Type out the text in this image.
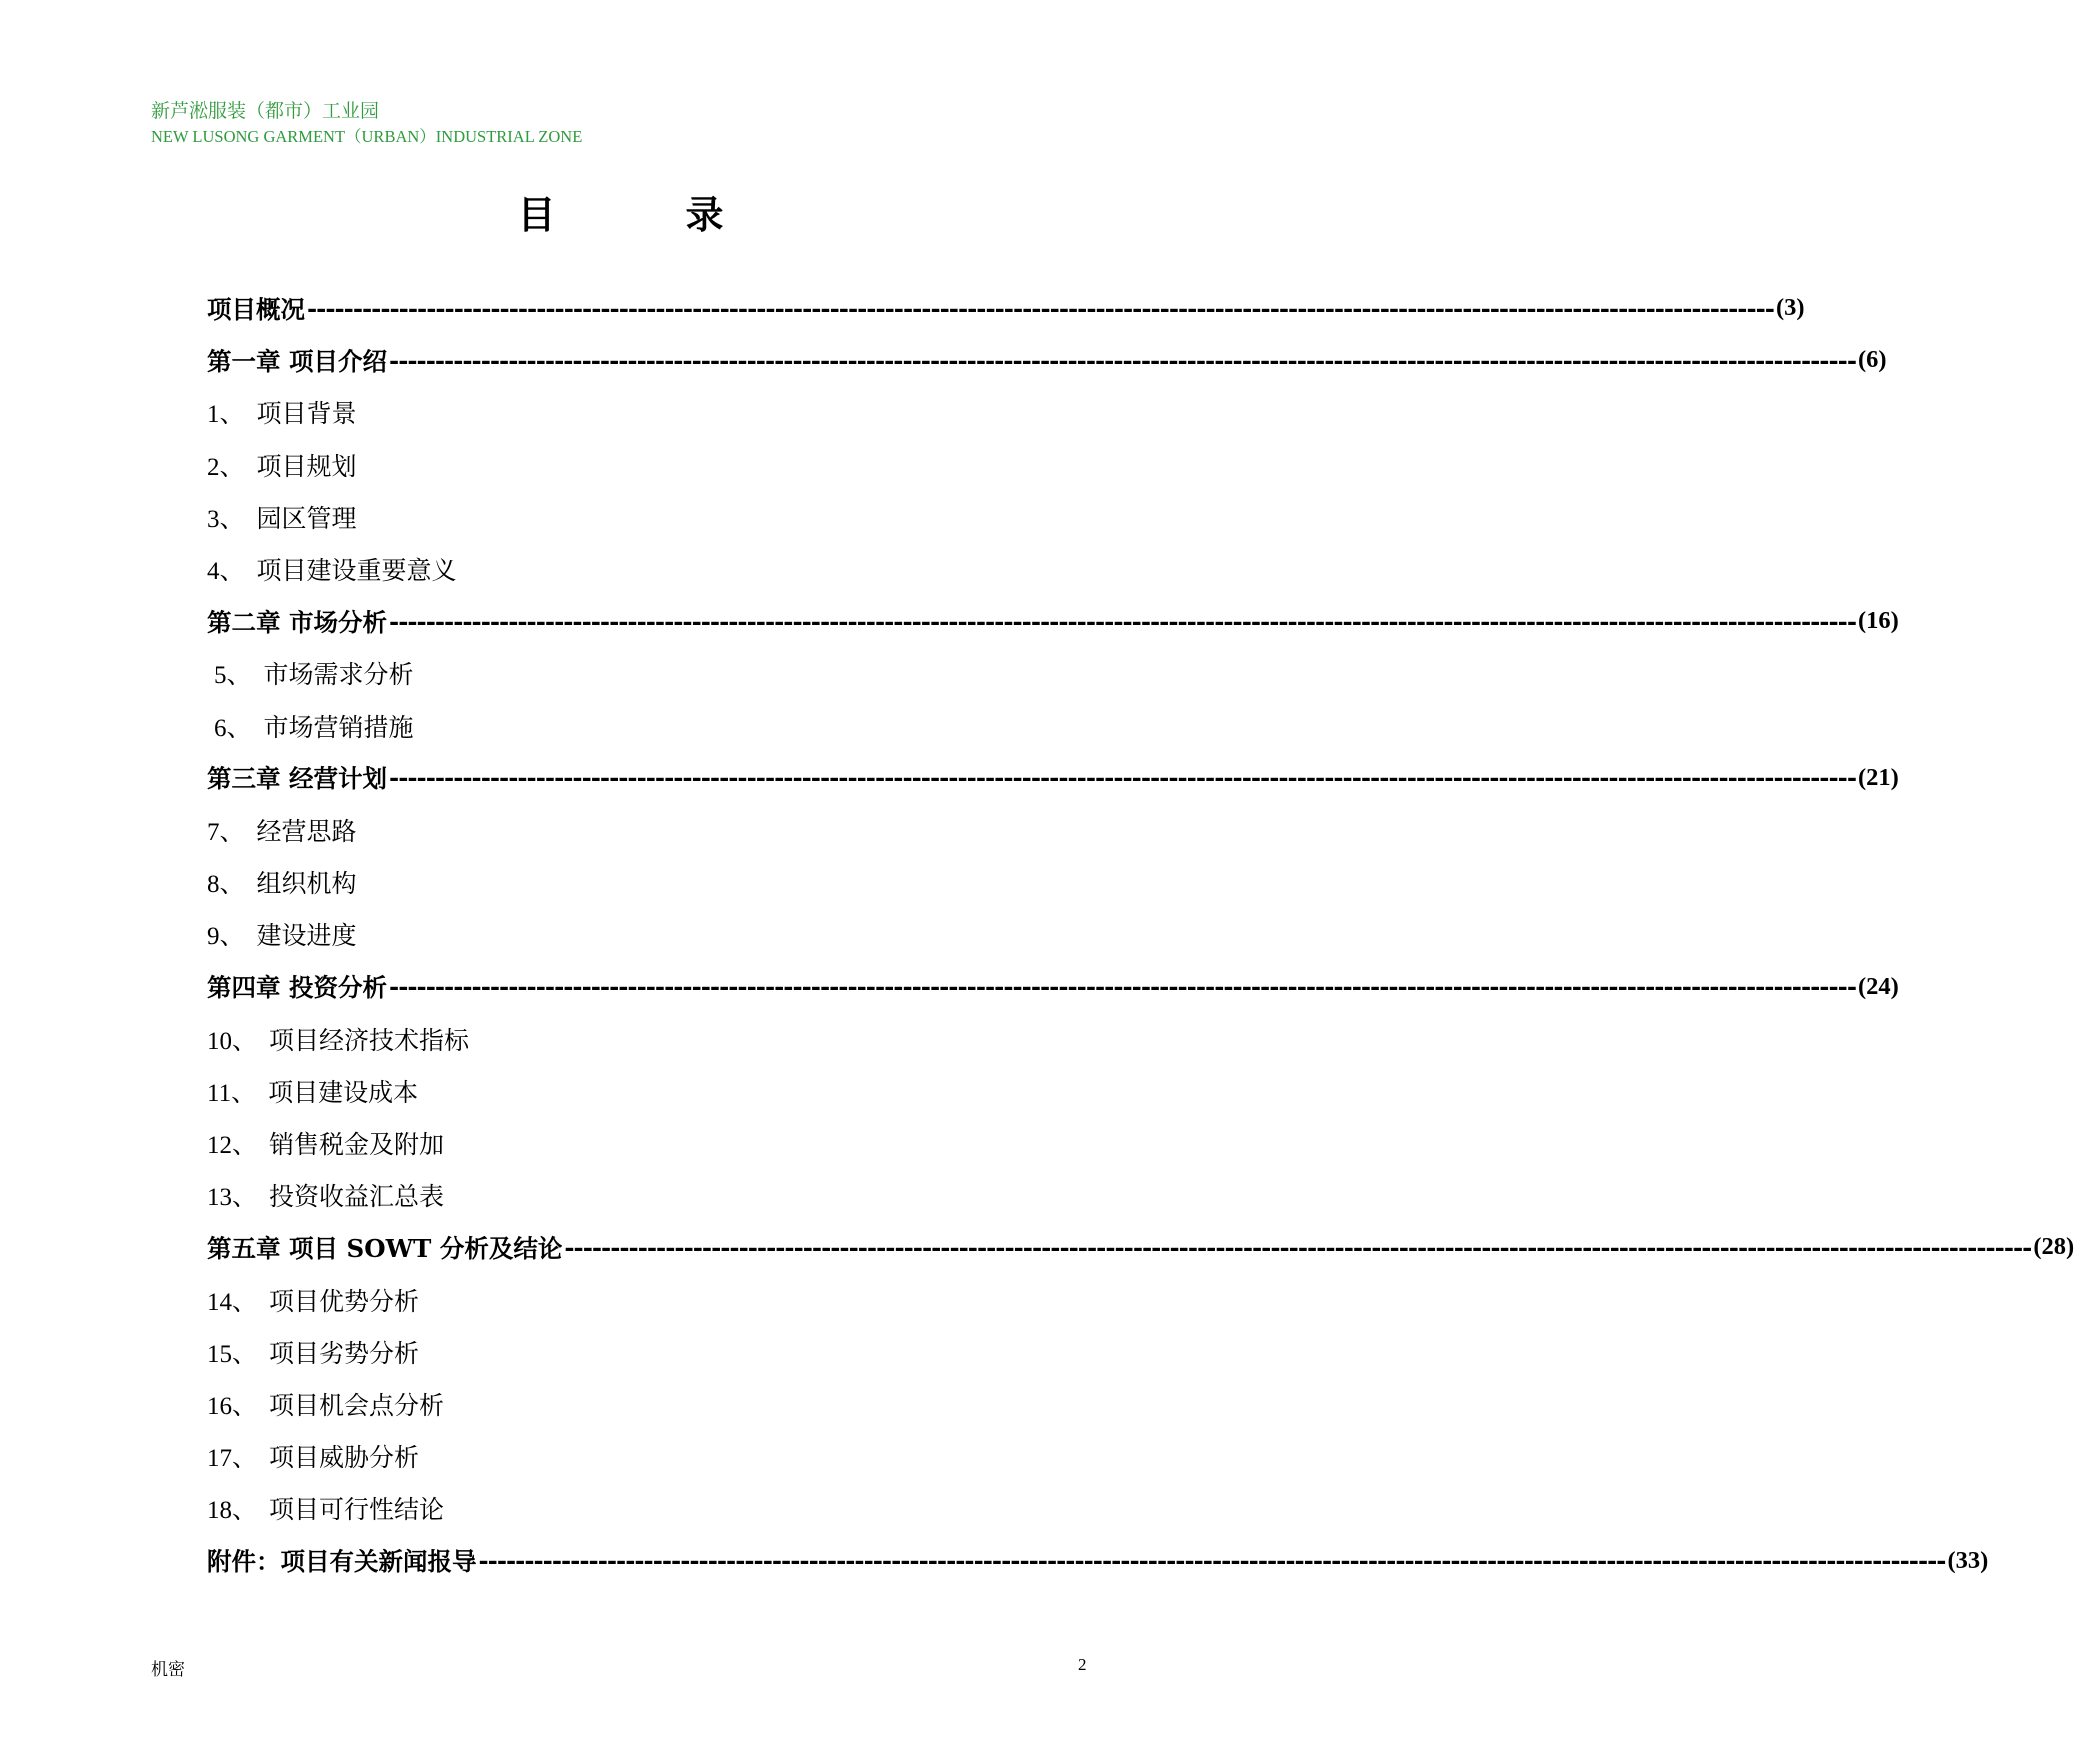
新芦淞服装（都市）工业园
NEW LUSONG GARMENT（URBAN）INDUSTRIAL ZONE
目	录
项目概况 ---------------------------------------------------------------------------------------------------------------------------------------------------------------- (3)
第一章 项目介绍 ---------------------------------------------------------------------------------------------------------------------------------------------------------------- (6)
1、 项目背景
2、 项目规划
3、 园区管理
4、 项目建设重要意义
第二章 市场分析 ---------------------------------------------------------------------------------------------------------------------------------------------------------------- (16)
5、 市场需求分析
6、 市场营销措施
第三章 经营计划 ---------------------------------------------------------------------------------------------------------------------------------------------------------------- (21)
7、 经营思路
8、 组织机构
9、 建设进度
第四章 投资分析 ---------------------------------------------------------------------------------------------------------------------------------------------------------------- (24)
10、 项目经济技术指标
11、 项目建设成本
12、 销售税金及附加
13、 投资收益汇总表
第五章 项目 SOWT 分析及结论 ---------------------------------------------------------------------------------------------------------------------------------------------------------------- (28)
14、 项目优势分析
15、 项目劣势分析
16、 项目机会点分析
17、 项目威胁分析
18、 项目可行性结论
附件：项目有关新闻报导 ---------------------------------------------------------------------------------------------------------------------------------------------------------------- (33)
机密	2
